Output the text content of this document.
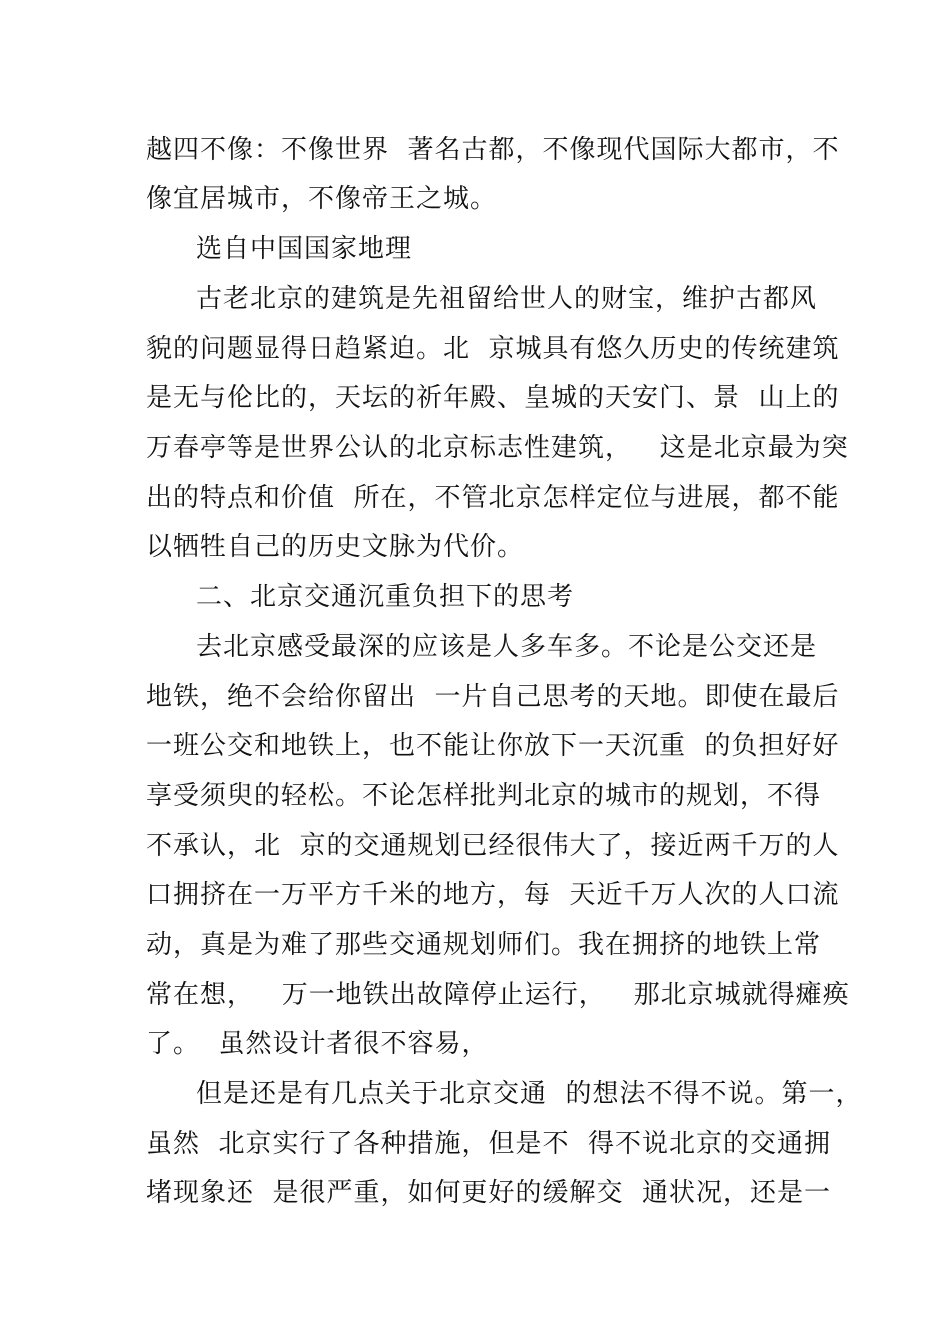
越四不像：不像世界  著名古都，不像现代国际大都市，不
像宜居城市，不像帝王之城。
选自中国国家地理
古老北京的建筑是先祖留给世人的财宝，维护古都风
貌的问题显得日趋紧迫。北  京城具有悠久历史的传统建筑
是无与伦比的，天坛的祈年殿、皇城的天安门、景  山上的
万春亭等是世界公认的北京标志性建筑，   这是北京最为突
出的特点和价值  所在，不管北京怎样定位与进展，都不能
以牺牲自己的历史文脉为代价。
二、北京交通沉重负担下的思考
去北京感受最深的应该是人多车多。不论是公交还是
地铁，绝不会给你留出  一片自己思考的天地。即使在最后
一班公交和地铁上，也不能让你放下一天沉重  的负担好好
享受须臾的轻松。不论怎样批判北京的城市的规划，不得
不承认，北  京的交通规划已经很伟大了，接近两千万的人
口拥挤在一万平方千米的地方，每  天近千万人次的人口流
动，真是为难了那些交通规划师们。我在拥挤的地铁上常
常在想，   万一地铁出故障停止运行，   那北京城就得瘫痪
了。  虽然设计者很不容易，
但是还是有几点关于北京交通  的想法不得不说。第一，
虽然  北京实行了各种措施，但是不  得不说北京的交通拥
堵现象还  是很严重，如何更好的缓解交  通状况，还是一
